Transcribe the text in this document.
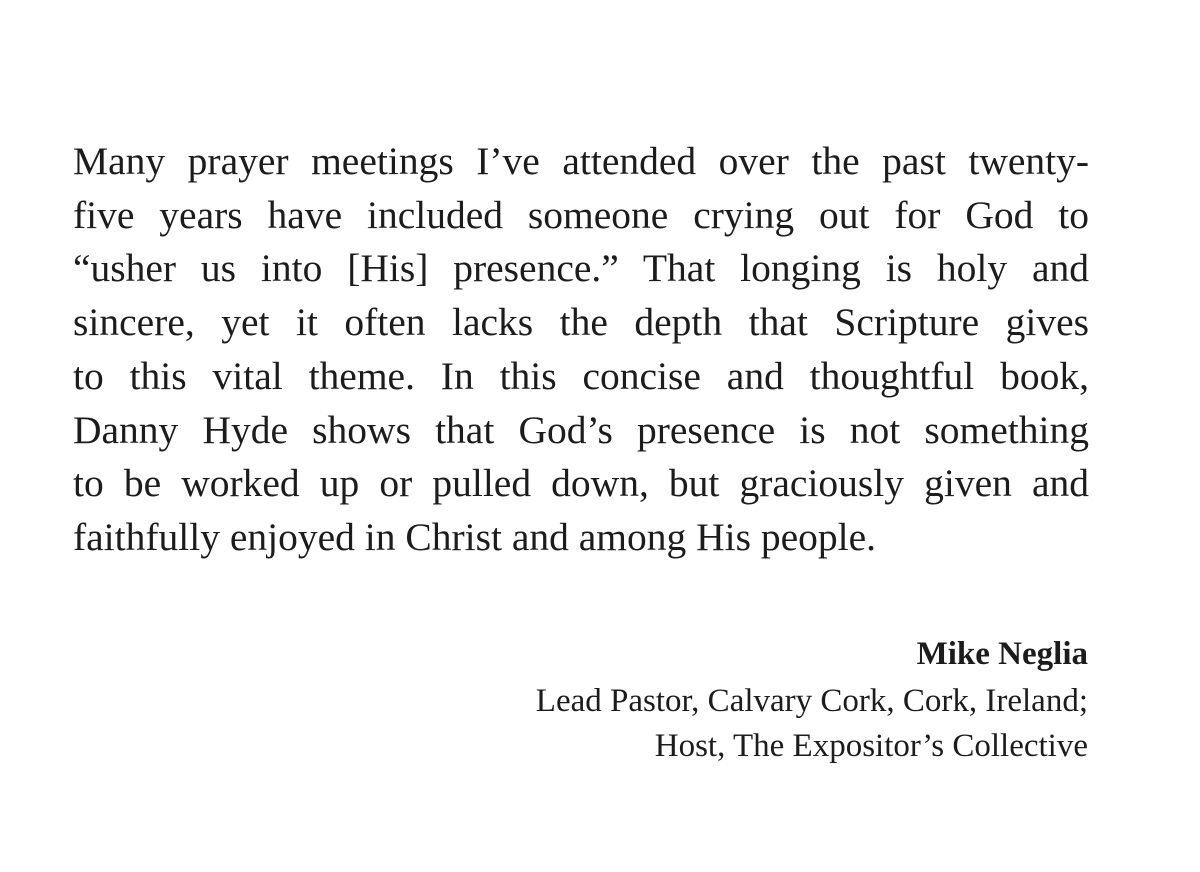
Many prayer meetings I’ve attended over the past twenty-
five years have included someone crying out for God to
“usher us into [His] presence.” That longing is holy and
sincere, yet it often lacks the depth that Scripture gives
to this vital theme. In this concise and thoughtful book,
Danny Hyde shows that God’s presence is not something
to be worked up or pulled down, but graciously given and
faithfully enjoyed in Christ and among His people.

Mike Neglia
Lead Pastor, Calvary Cork, Cork, Ireland;
Host, The Expositor’s Collective
